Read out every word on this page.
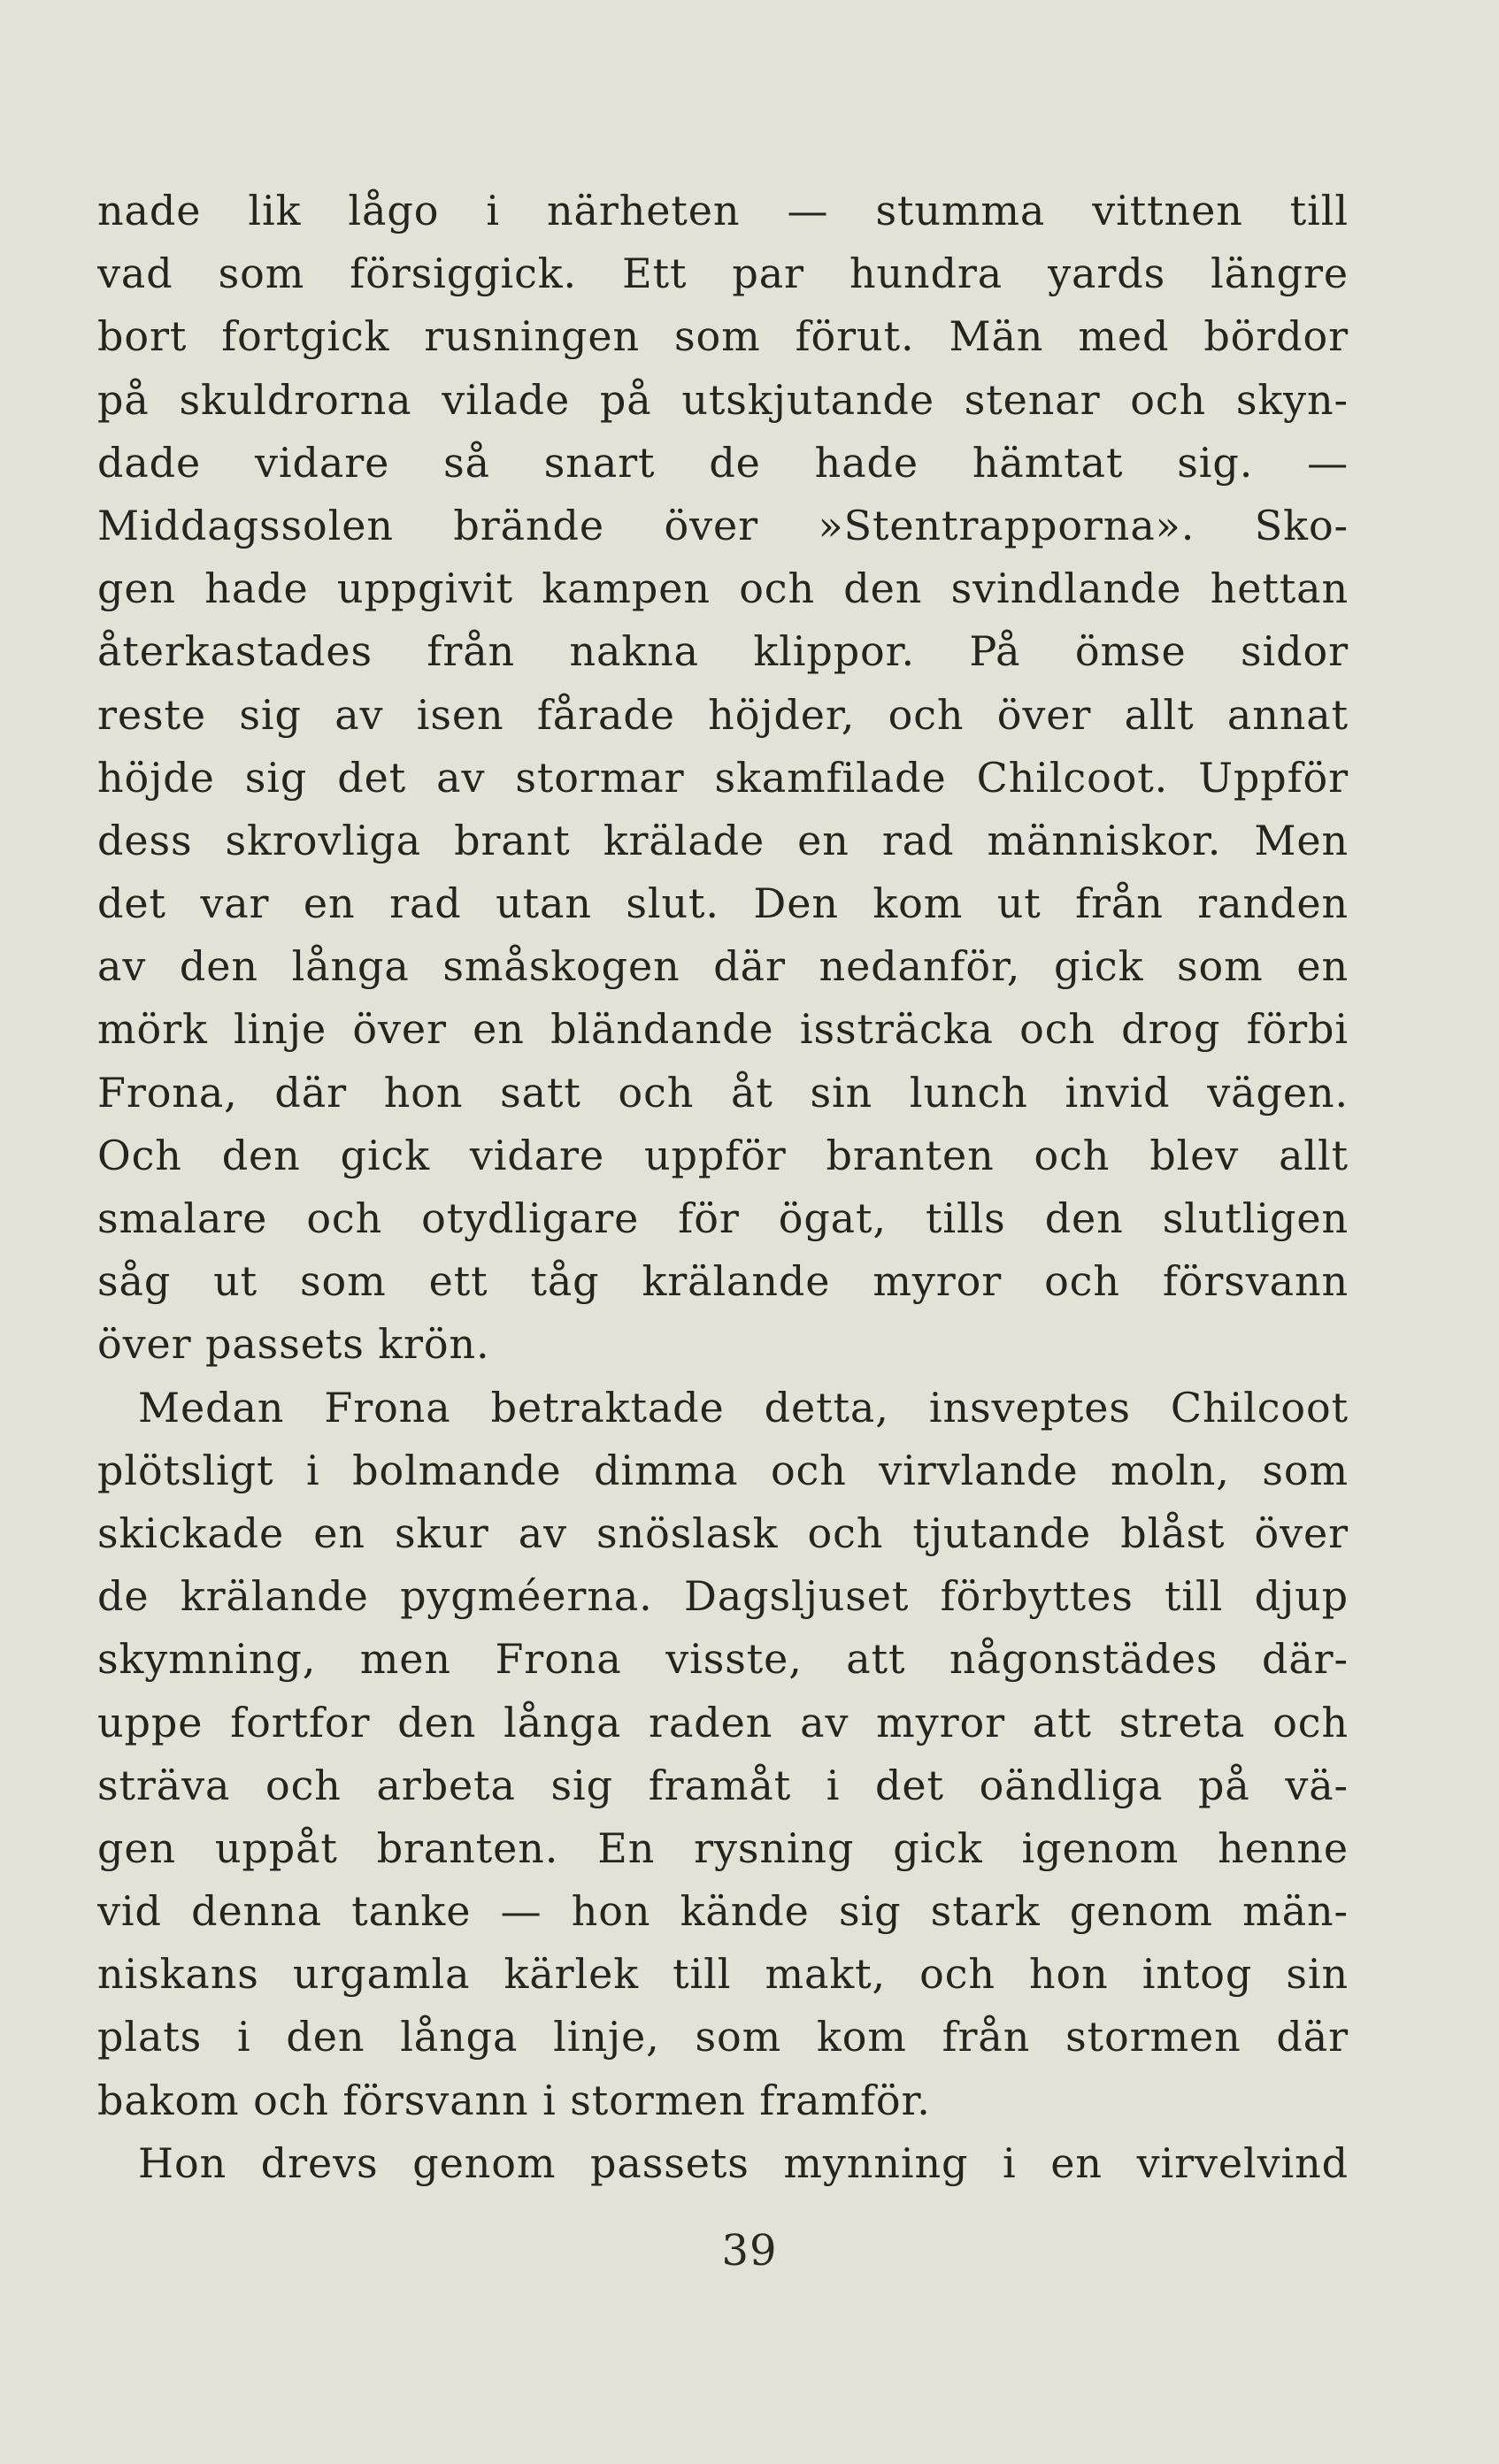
nade lik lågo i närheten — stumma vittnen till
vad som försiggick. Ett par hundra yards längre
bort fortgick rusningen som förut. Män med bördor
på skuldrorna vilade på utskjutande stenar och skyn-
dade vidare så snart de hade hämtat sig. —
Middagssolen brände över »Stentrapporna». Sko-
gen hade uppgivit kampen och den svindlande hettan
återkastades från nakna klippor. På ömse sidor
reste sig av isen fårade höjder, och över allt annat
höjde sig det av stormar skamfilade Chilcoot. Uppför
dess skrovliga brant krälade en rad människor. Men
det var en rad utan slut. Den kom ut från randen
av den långa småskogen där nedanför, gick som en
mörk linje över en bländande issträcka och drog förbi
Frona, där hon satt och åt sin lunch invid vägen.
Och den gick vidare uppför branten och blev allt
smalare och otydligare för ögat, tills den slutligen
såg ut som ett tåg krälande myror och försvann
över passets krön.
Medan Frona betraktade detta, insveptes Chilcoot
plötsligt i bolmande dimma och virvlande moln, som
skickade en skur av snöslask och tjutande blåst över
de krälande pygméerna. Dagsljuset förbyttes till djup
skymning, men Frona visste, att någonstädes där-
uppe fortfor den långa raden av myror att streta och
sträva och arbeta sig framåt i det oändliga på vä-
gen uppåt branten. En rysning gick igenom henne
vid denna tanke — hon kände sig stark genom män-
niskans urgamla kärlek till makt, och hon intog sin
plats i den långa linje, som kom från stormen där
bakom och försvann i stormen framför.
Hon drevs genom passets mynning i en virvelvind
39
